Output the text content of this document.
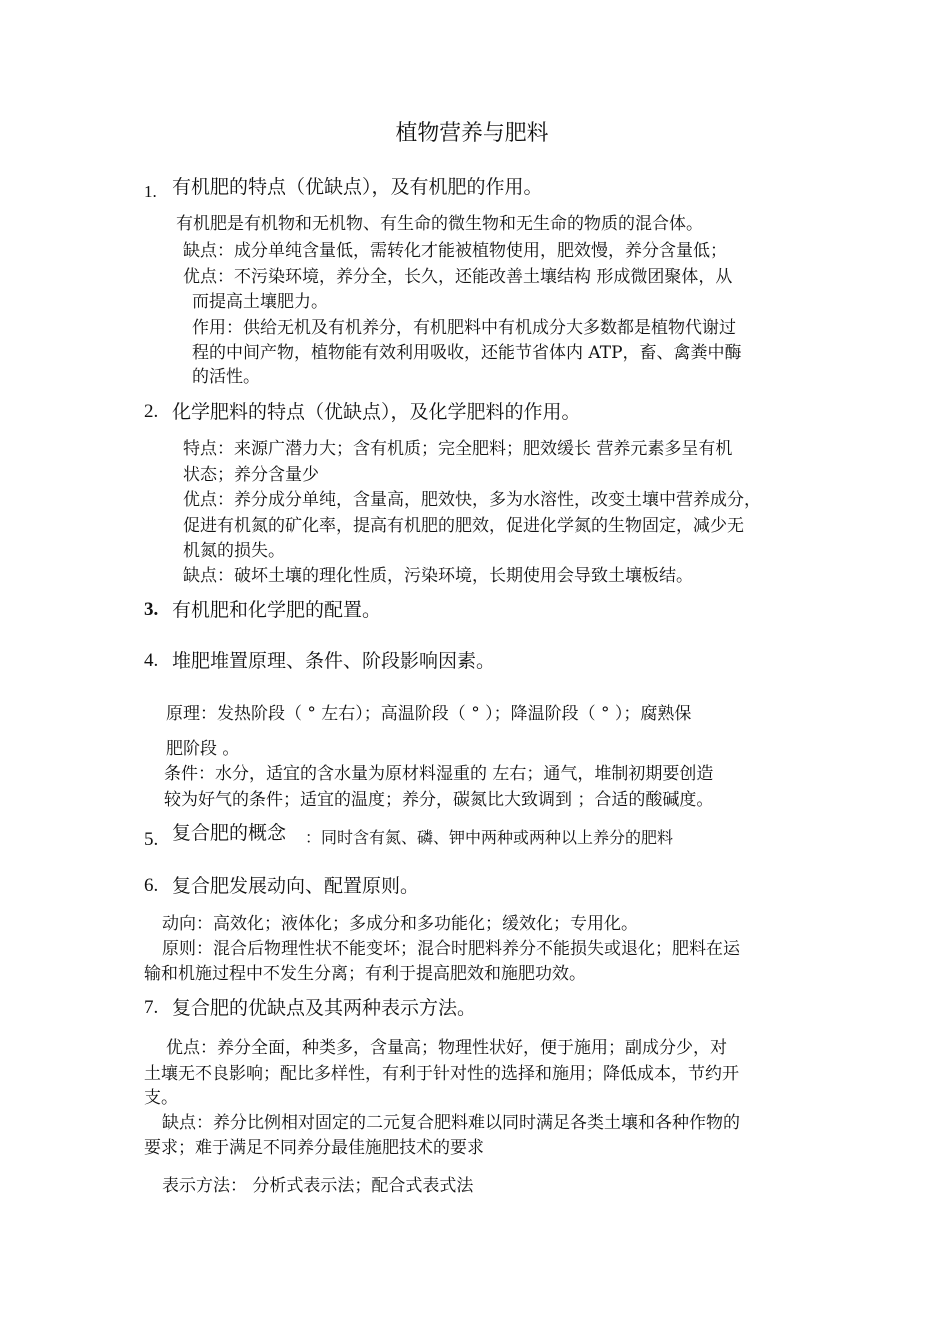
植物营养与肥料
1. 有机肥的特点（优缺点），及有机肥的作用。
有机肥是有机物和无机物、有生命的微生物和无生命的物质的混合体。
缺点：成分单纯含量低，需转化才能被植物使用，肥效慢，养分含量低；
优点：不污染环境，养分全，长久，还能改善土壤结构 形成微团聚体，从
而提高土壤肥力。
作用：供给无机及有机养分，有机肥料中有机成分大多数都是植物代谢过
程的中间产物，植物能有效利用吸收，还能节省体内 ATP，畜、禽粪中酶
的活性。
2. 化学肥料的特点（优缺点），及化学肥料的作用。
特点：来源广潜力大；含有机质；完全肥料；肥效缓长 营养元素多呈有机
状态；养分含量少
优点：养分成分单纯，含量高，肥效快，多为水溶性，改变土壤中营养成分，
促进有机氮的矿化率，提高有机肥的肥效，促进化学氮的生物固定，减少无
机氮的损失。
缺点：破坏土壤的理化性质，污染环境，长期使用会导致土壤板结。
3. 有机肥和化学肥的配置。
4. 堆肥堆置原理、条件、阶段影响因素。
原理：发热阶段（ ° 左右）；高温阶段（ ° ）；降温阶段（ ° ）；腐熟保
肥阶段 。
条件：水分，适宜的含水量为原材料湿重的 左右；通气，堆制初期要创造
较为好气的条件；适宜的温度；养分，碳氮比大致调到 ；合适的酸碱度。
5. 复合肥的概念 ：同时含有氮、磷、钾中两种或两种以上养分的肥料
6. 复合肥发展动向、配置原则。
动向：高效化；液体化；多成分和多功能化；缓效化；专用化。
原则：混合后物理性状不能变坏；混合时肥料养分不能损失或退化；肥料在运
输和机施过程中不发生分离；有利于提高肥效和施肥功效。
7. 复合肥的优缺点及其两种表示方法。
优点：养分全面，种类多，含量高；物理性状好，便于施用；副成分少，对
土壤无不良影响；配比多样性，有利于针对性的选择和施用；降低成本，节约开
支。
缺点：养分比例相对固定的二元复合肥料难以同时满足各类土壤和各种作物的
要求；难于满足不同养分最佳施肥技术的要求
表示方法： 分析式表示法；配合式表式法
